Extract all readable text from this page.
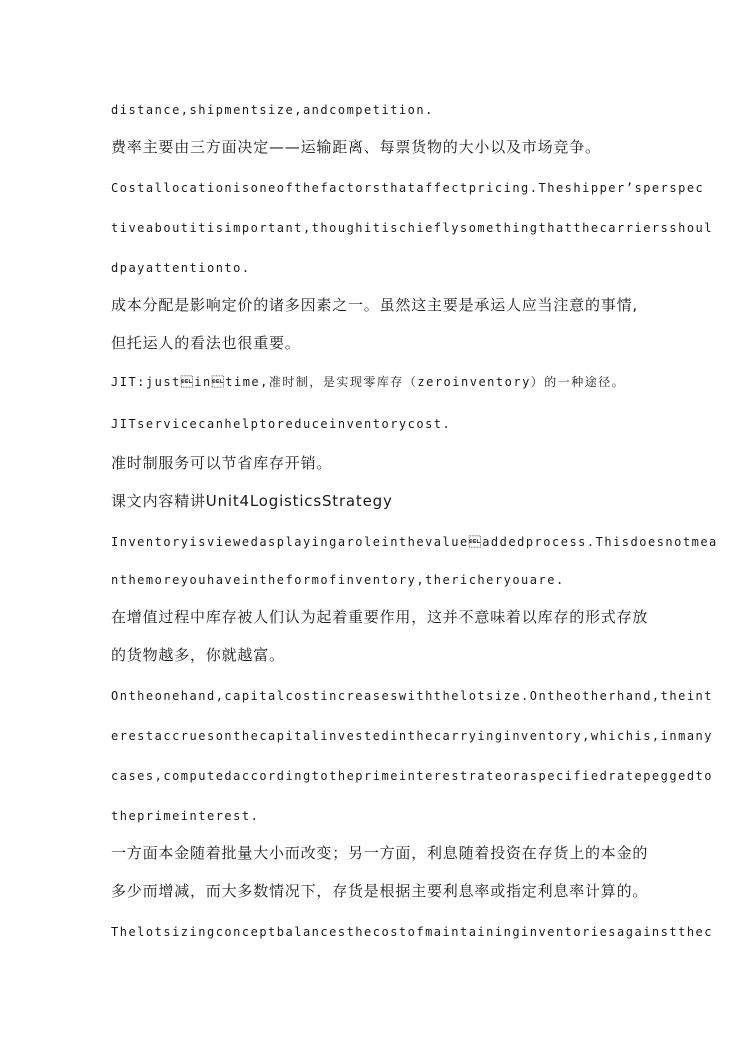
distance,shipmentsize,andcompetition.
费率主要由三方面决定——运输距离、每票货物的大小以及市场竞争。
Costallocationisoneofthefactorsthataffectpricing.Theshipper’sperspec
tiveaboutitisimportant,thoughitischieflysomethingthatthecarriersshoul
dpayattentionto.
成本分配是影响定价的诸多因素之一。虽然这主要是承运人应当注意的事情,
但托运人的看法也很重要。
JIT:justintime,准时制，是实现零库存（zeroinventory）的一种途径。
JITservicecanhelptoreduceinventorycost.
准时制服务可以节省库存开销。
课文内容精讲Unit4LogisticsStrategy
Inventoryisviewedasplayingaroleinthevalueaddedprocess.Thisdoesnotmea
nthemoreyouhaveintheformofinventory,thericheryouare.
在增值过程中库存被人们认为起着重要作用，这并不意味着以库存的形式存放
的货物越多，你就越富。
Ontheonehand,capitalcostincreaseswiththelotsize.Ontheotherhand,theint
erestaccruesonthecapitalinvestedinthecarryinginventory,whichis,inmany
cases,computedaccordingtotheprimeinterestrateoraspecifiedratepeggedto
theprimeinterest.
一方面本金随着批量大小而改变；另一方面，利息随着投资在存货上的本金的
多少而增减，而大多数情况下，存货是根据主要利息率或指定利息率计算的。
Thelotsizingconceptbalancesthecostofmaintaininginventoriesagainstthec
